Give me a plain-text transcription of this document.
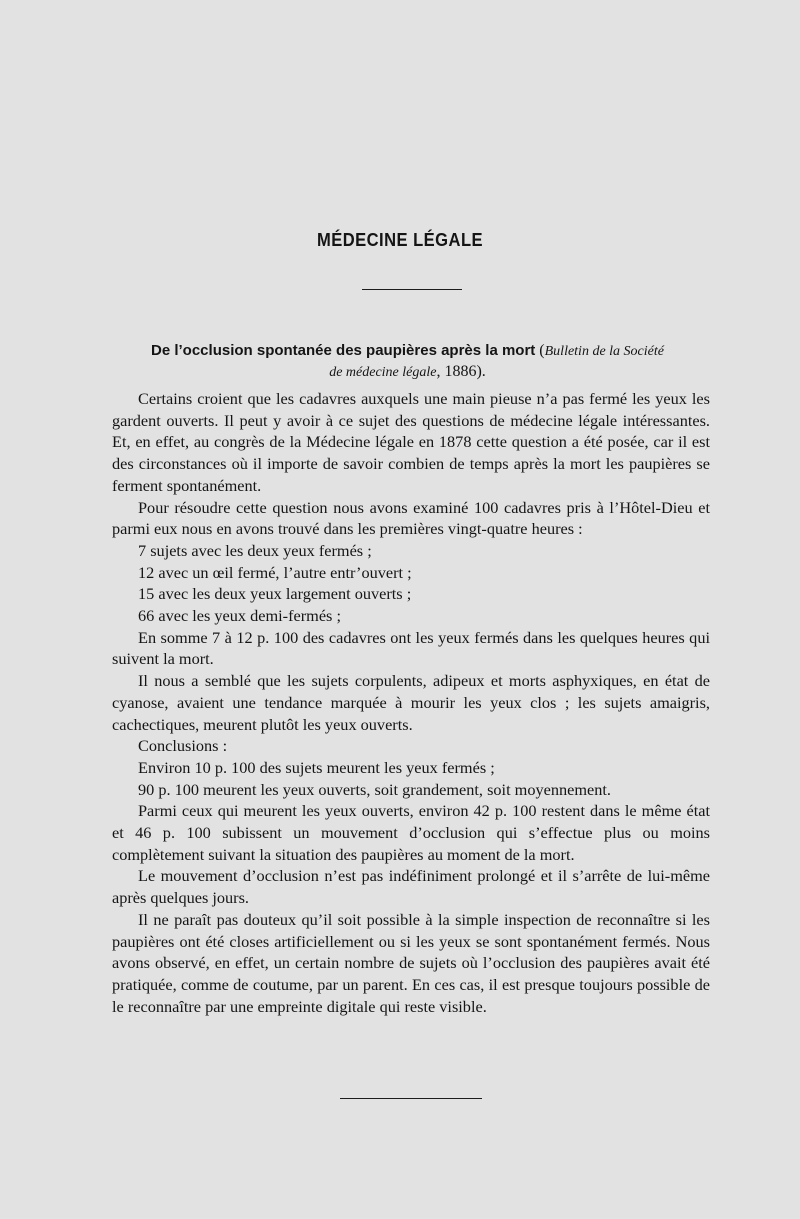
MÉDECINE LÉGALE
De l’occlusion spontanée des paupières après la mort (Bulletin de la Société
de médecine légale, 1886).

Certains croient que les cadavres auxquels une main pieuse n’a pas fermé les yeux les gardent ouverts. Il peut y avoir à ce sujet des questions de médecine légale intéressantes. Et, en effet, au congrès de la Médecine légale en 1878 cette question a été posée, car il est des circonstances où il importe de savoir combien de temps après la mort les paupières se ferment spontanément.

Pour résoudre cette question nous avons examiné 100 cadavres pris à l’Hôtel-Dieu et parmi eux nous en avons trouvé dans les premières vingt-quatre heures :

7 sujets avec les deux yeux fermés ;

12 avec un œil fermé, l’autre entr’ouvert ;

15 avec les deux yeux largement ouverts ;

66 avec les yeux demi-fermés ;

En somme 7 à 12 p. 100 des cadavres ont les yeux fermés dans les quelques heures qui suivent la mort.

Il nous a semblé que les sujets corpulents, adipeux et morts asphyxiques, en état de cyanose, avaient une tendance marquée à mourir les yeux clos ; les sujets amaigris, cachectiques, meurent plutôt les yeux ouverts.

Conclusions :

Environ 10 p. 100 des sujets meurent les yeux fermés ;

90 p. 100 meurent les yeux ouverts, soit grandement, soit moyennement.

Parmi ceux qui meurent les yeux ouverts, environ 42 p. 100 restent dans le même état et 46 p. 100 subissent un mouvement d’occlusion qui s’effectue plus ou moins complètement suivant la situation des paupières au moment de la mort.

Le mouvement d’occlusion n’est pas indéfiniment prolongé et il s’arrête de lui-même après quelques jours.

Il ne paraît pas douteux qu’il soit possible à la simple inspection de reconnaître si les paupières ont été closes artificiellement ou si les yeux se sont spontanément fermés. Nous avons observé, en effet, un certain nombre de sujets où l’occlusion des paupières avait été pratiquée, comme de coutume, par un parent. En ces cas, il est presque toujours possible de le reconnaître par une empreinte digitale qui reste visible.
